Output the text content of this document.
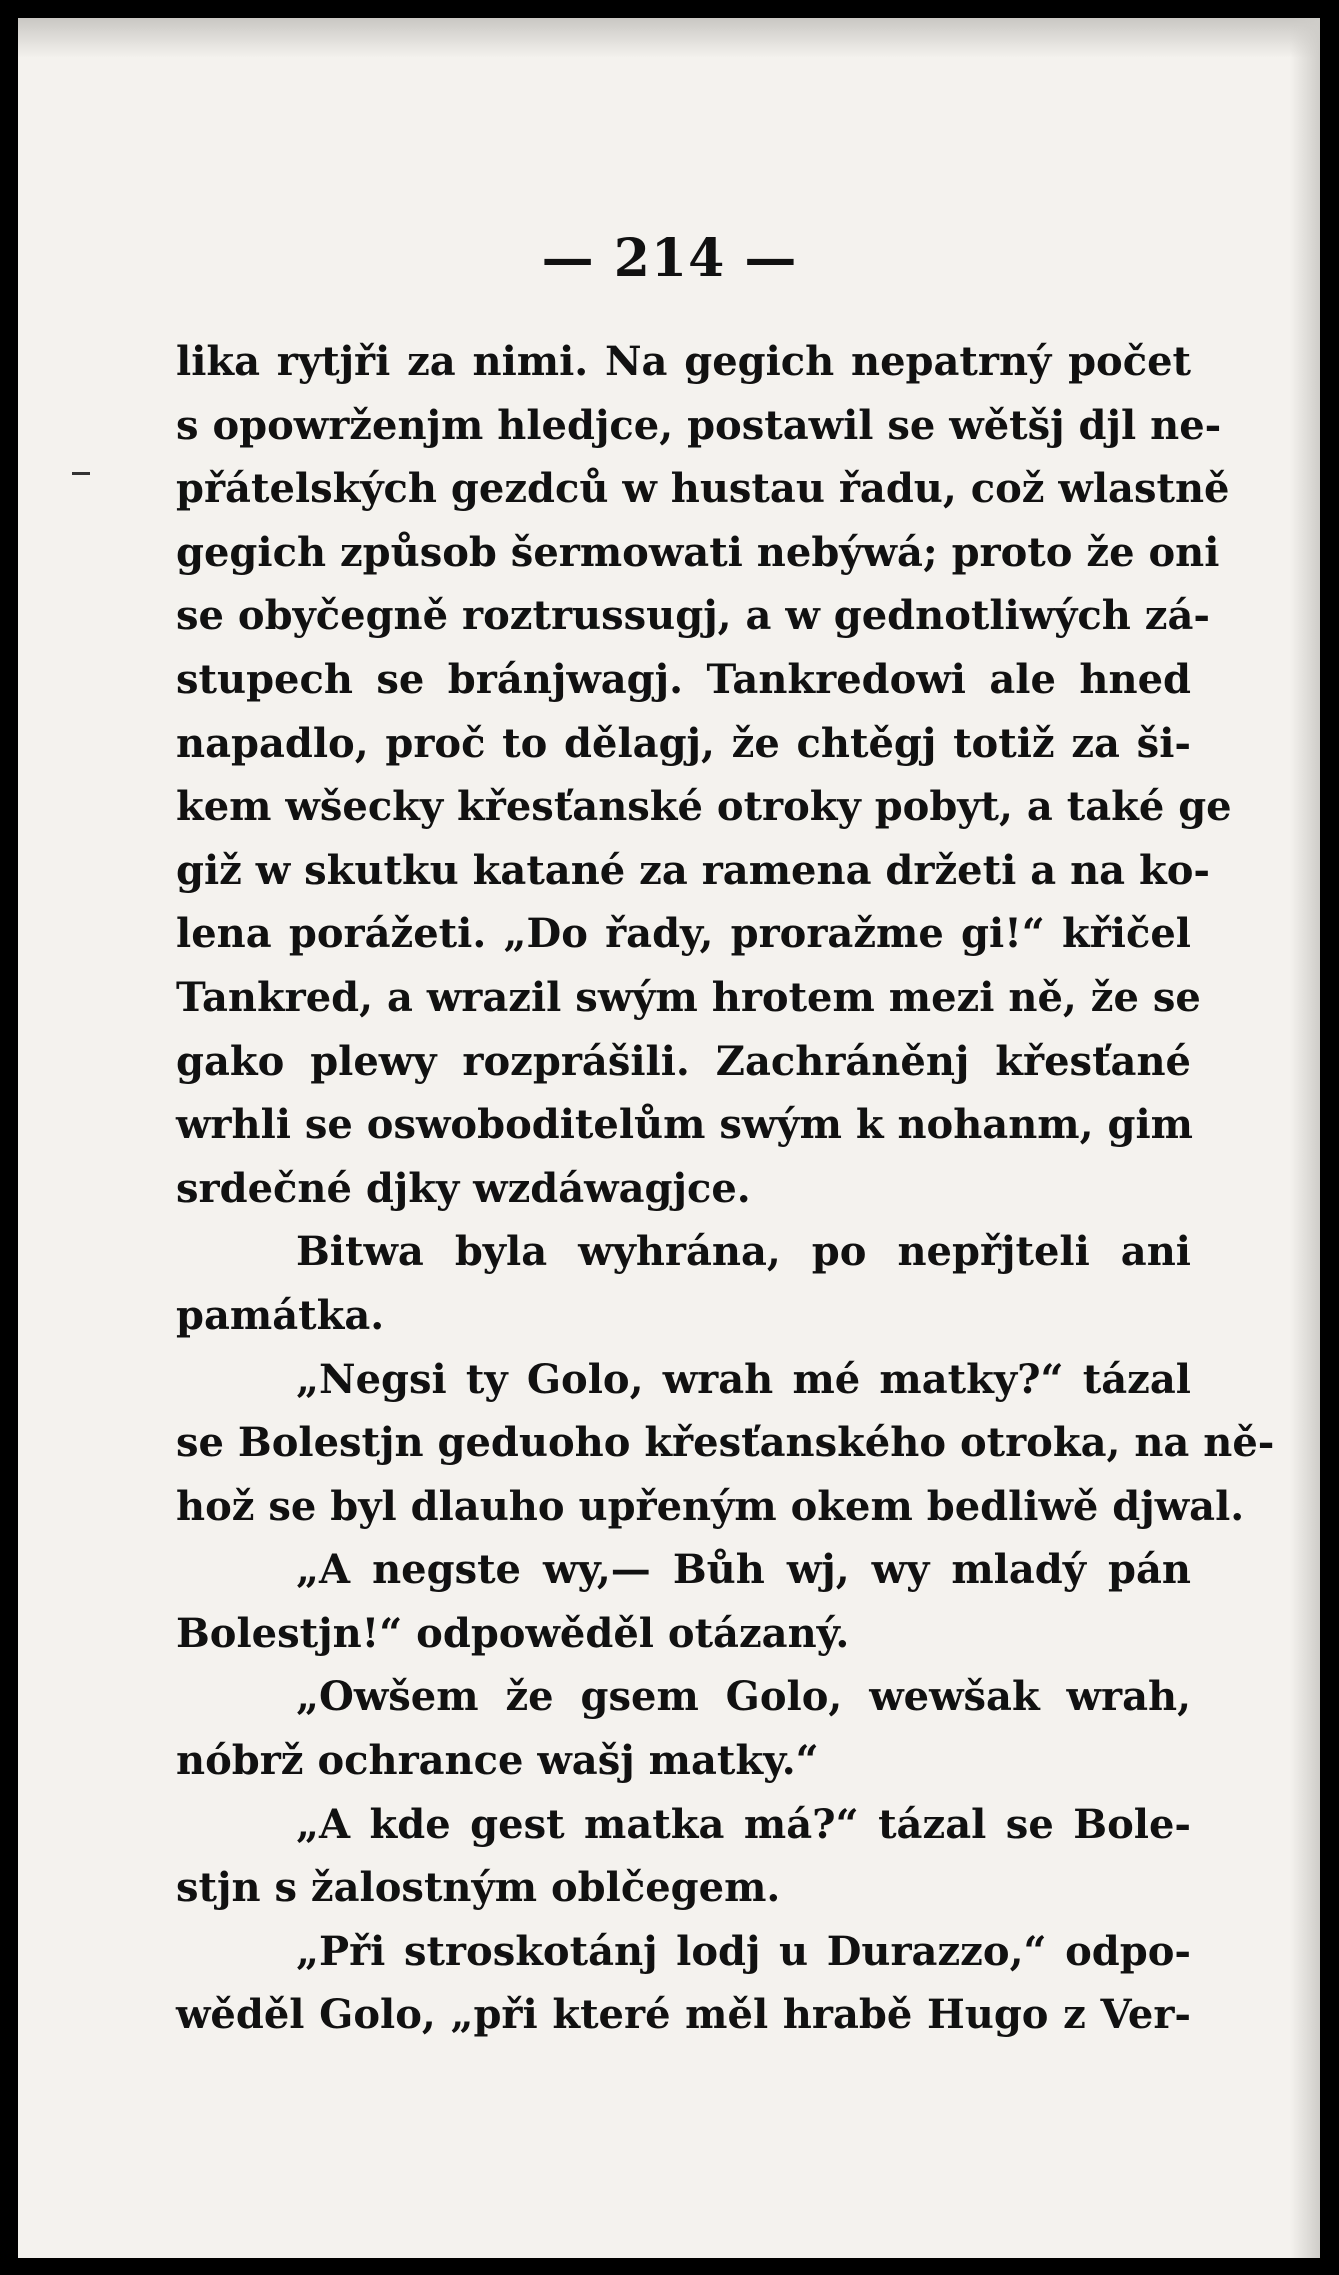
— 214 —
lika rytjři za nimi. Na gegich nepatrný počet
s opowrženjm hledjce, postawil se wětšj djl ne-
přátelských gezdců w hustau řadu, což wlastně
gegich způsob šermowati nebýwá; proto že oni
se obyčegně roztrussugj, a w gednotliwých zá-
stupech se bránjwagj. Tankredowi ale hned
napadlo, proč to dělagj, že chtěgj totiž za ši-
kem wšecky křesťanské otroky pobyt, a také ge
giž w skutku katané za ramena držeti a na ko-
lena porážeti. „Do řady, proražme gi!“ křičel
Tankred, a wrazil swým hrotem mezi ně, že se
gako plewy rozprášili. Zachráněnj křesťané
wrhli se oswoboditelům swým k nohanm, gim
srdečné djky wzdáwagjce.
Bitwa byla wyhrána, po nepřjteli ani
památka.
„Negsi ty Golo, wrah mé matky?“ tázal
se Bolestjn geduoho křesťanského otroka, na ně-
hož se byl dlauho upřeným okem bedliwě djwal.
„A negste wy,— Bůh wj, wy mladý pán
Bolestjn!“ odpowěděl otázaný.
„Owšem že gsem Golo, wewšak wrah,
nóbrž ochrance wašj matky.“
„A kde gest matka má?“ tázal se Bole-
stjn s žalostným oblčegem.
„Při stroskotánj lodj u Durazzo,“ odpo-
wěděl Golo, „při které měl hrabě Hugo z Ver-
